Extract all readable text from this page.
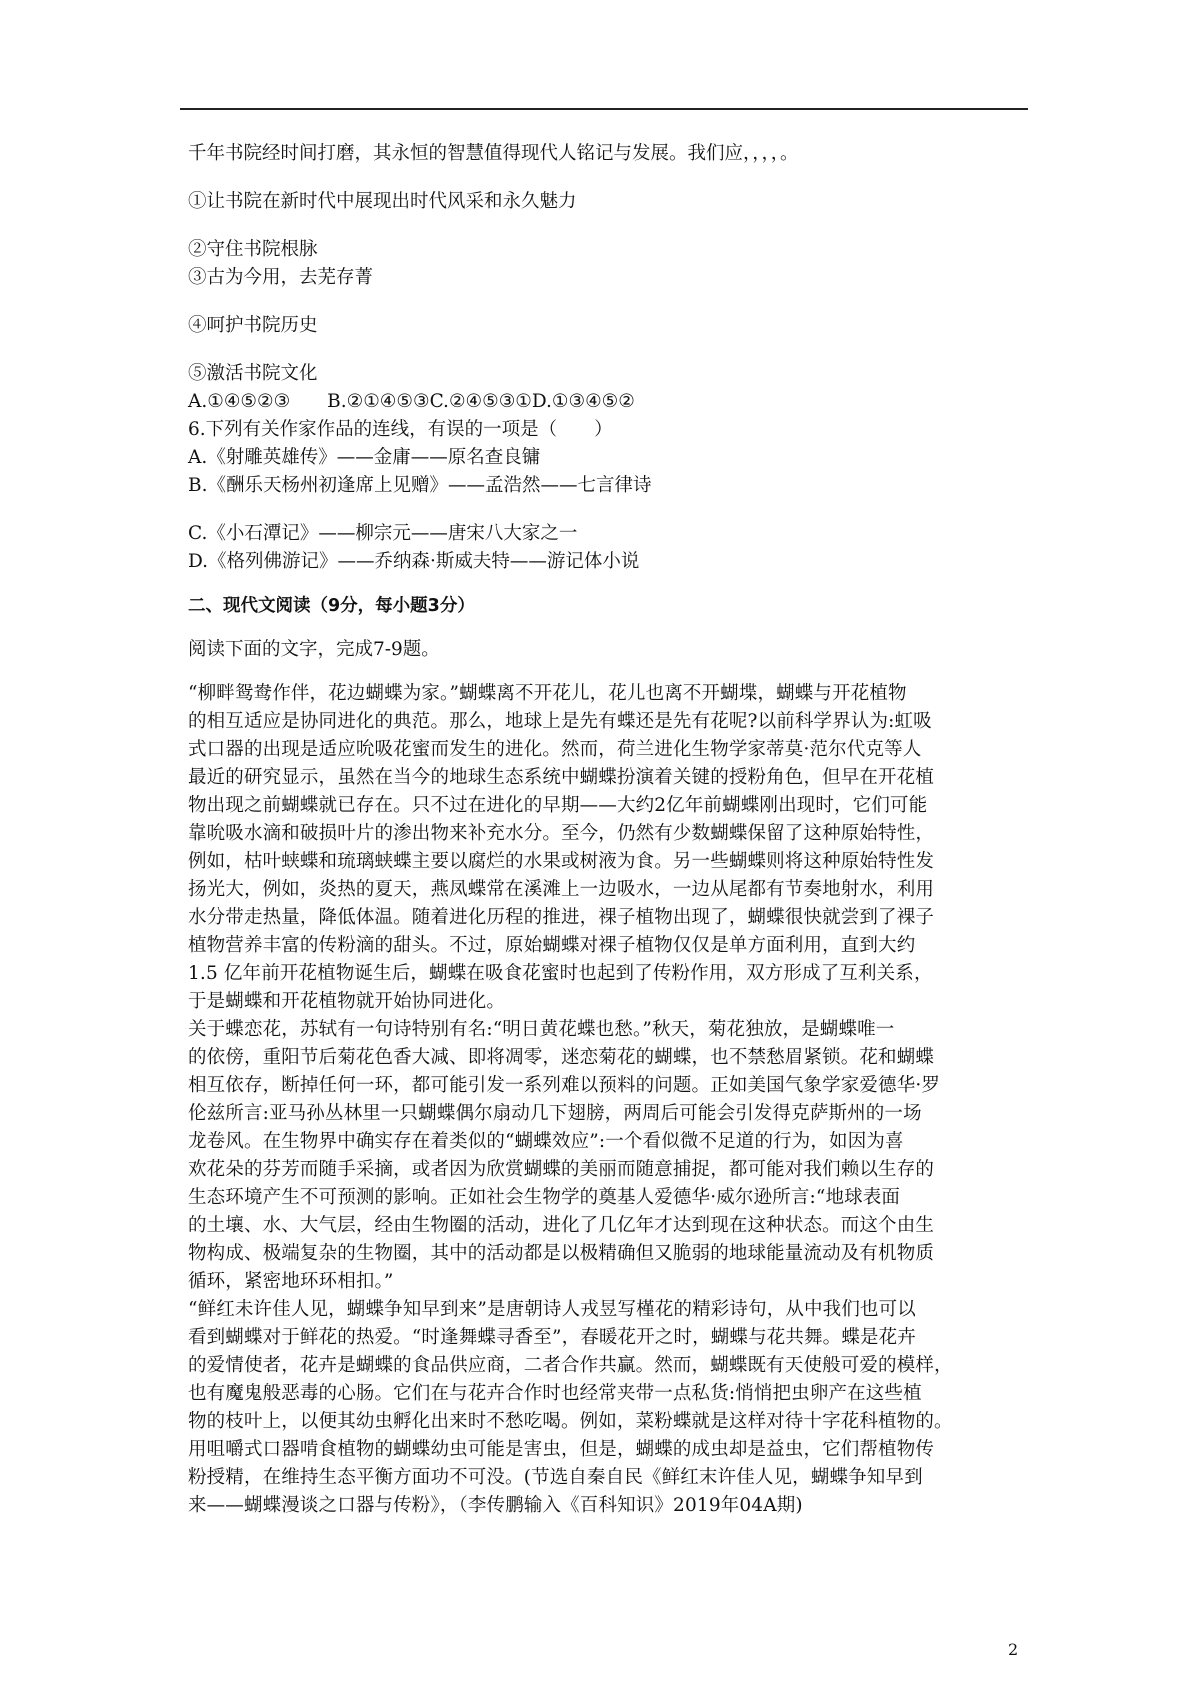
千年书院经时间打磨，其永恒的智慧值得现代人铭记与发展。我们应，，，，。

①让书院在新时代中展现出时代风采和永久魅力

②守住书院根脉

③古为今用，去芜存菁

④呵护书院历史

⑤激活书院文化

A.①④⑤②③　　B.②①④⑤③C.②④⑤③①D.①③④⑤②

6.下列有关作家作品的连线，有误的一项是（　　）

A.《射雕英雄传》——金庸——原名查良镛

B.《酬乐天杨州初逢席上见赠》——孟浩然——七言律诗

C.《小石潭记》——柳宗元——唐宋八大家之一

D.《格列佛游记》——乔纳森·斯威夫特——游记体小说

二、现代文阅读（9分，每小题3分）

阅读下面的文字，完成7-9题。

“柳畔鸳鸯作伴，花边蝴蝶为家。”蝴蝶离不开花儿，花儿也离不开蝴堞，蝴蝶与开花植物

的相互适应是协同进化的典范。那么，地球上是先有蝶还是先有花呢?以前科学界认为:虹吸

式口器的出现是适应吮吸花蜜而发生的进化。然而，荷兰进化生物学家蒂莫·范尔代克等人

最近的研究显示，虽然在当今的地球生态系统中蝴蝶扮演着关键的授粉角色，但早在开花植

物出现之前蝴蝶就已存在。只不过在进化的早期——大约2亿年前蝴蝶刚出现时，它们可能

靠吮吸水滴和破损叶片的渗出物来补充水分。至今，仍然有少数蝴蝶保留了这种原始特性，

例如，枯叶蛱蝶和琉璃蛱蝶主要以腐烂的水果或树液为食。另一些蝴蝶则将这种原始特性发

扬光大，例如，炎热的夏天，燕凤蝶常在溪滩上一边吸水，一边从尾都有节奏地射水，利用

水分带走热量，降低体温。随着进化历程的推进，裸子植物出现了，蝴蝶很快就尝到了裸子

植物营养丰富的传粉滴的甜头。不过，原始蝴蝶对裸子植物仅仅是单方面利用，直到大约

1.5 亿年前开花植物诞生后，蝴蝶在吸食花蜜时也起到了传粉作用，双方形成了互利关系，

于是蝴蝶和开花植物就开始协同进化。

关于蝶恋花，苏轼有一句诗特别有名:“明日黄花蝶也愁。”秋天，菊花独放，是蝴蝶唯一

的依傍，重阳节后菊花色香大减、即将凋零，迷恋菊花的蝴蝶，也不禁愁眉紧锁。花和蝴蝶

相互依存，断掉任何一环，都可能引发一系列难以预料的问题。正如美国气象学家爱德华·罗

伦兹所言:亚马孙丛林里一只蝴蝶偶尔扇动几下翅膀，两周后可能会引发得克萨斯州的一场

龙卷风。在生物界中确实存在着类似的“蝴蝶效应”:一个看似微不足道的行为，如因为喜

欢花朵的芬芳而随手采摘，或者因为欣赏蝴蝶的美丽而随意捕捉，都可能对我们赖以生存的

生态环境产生不可预测的影响。正如社会生物学的奠基人爱德华·威尔逊所言:“地球表面

的土壤、水、大气层，经由生物圈的活动，进化了几亿年才达到现在这种状态。而这个由生

物构成、极端复杂的生物圈，其中的活动都是以极精确但又脆弱的地球能量流动及有机物质

循环，紧密地环环相扣。”

“鲜红未许佳人见，蝴蝶争知早到来”是唐朝诗人戎昱写槿花的精彩诗句，从中我们也可以

看到蝴蝶对于鲜花的热爱。“时逢舞蝶寻香至”，春暖花开之时，蝴蝶与花共舞。蝶是花卉

的爱情使者，花卉是蝴蝶的食品供应商，二者合作共赢。然而，蝴蝶既有天使般可爱的模样，

也有魔鬼般恶毒的心肠。它们在与花卉合作时也经常夹带一点私货:悄悄把虫卵产在这些植

物的枝叶上，以便其幼虫孵化出来时不愁吃喝。例如，菜粉蝶就是这样对待十字花科植物的。

用咀嚼式口器啃食植物的蝴蝶幼虫可能是害虫，但是，蝴蝶的成虫却是益虫，它们帮植物传

粉授精，在维持生态平衡方面功不可没。(节选自秦自民《鲜红末许佳人见，蝴蝶争知早到

来——蝴蝶漫谈之口器与传粉》，（李传鹏输入《百科知识》2019年04A期)

2
